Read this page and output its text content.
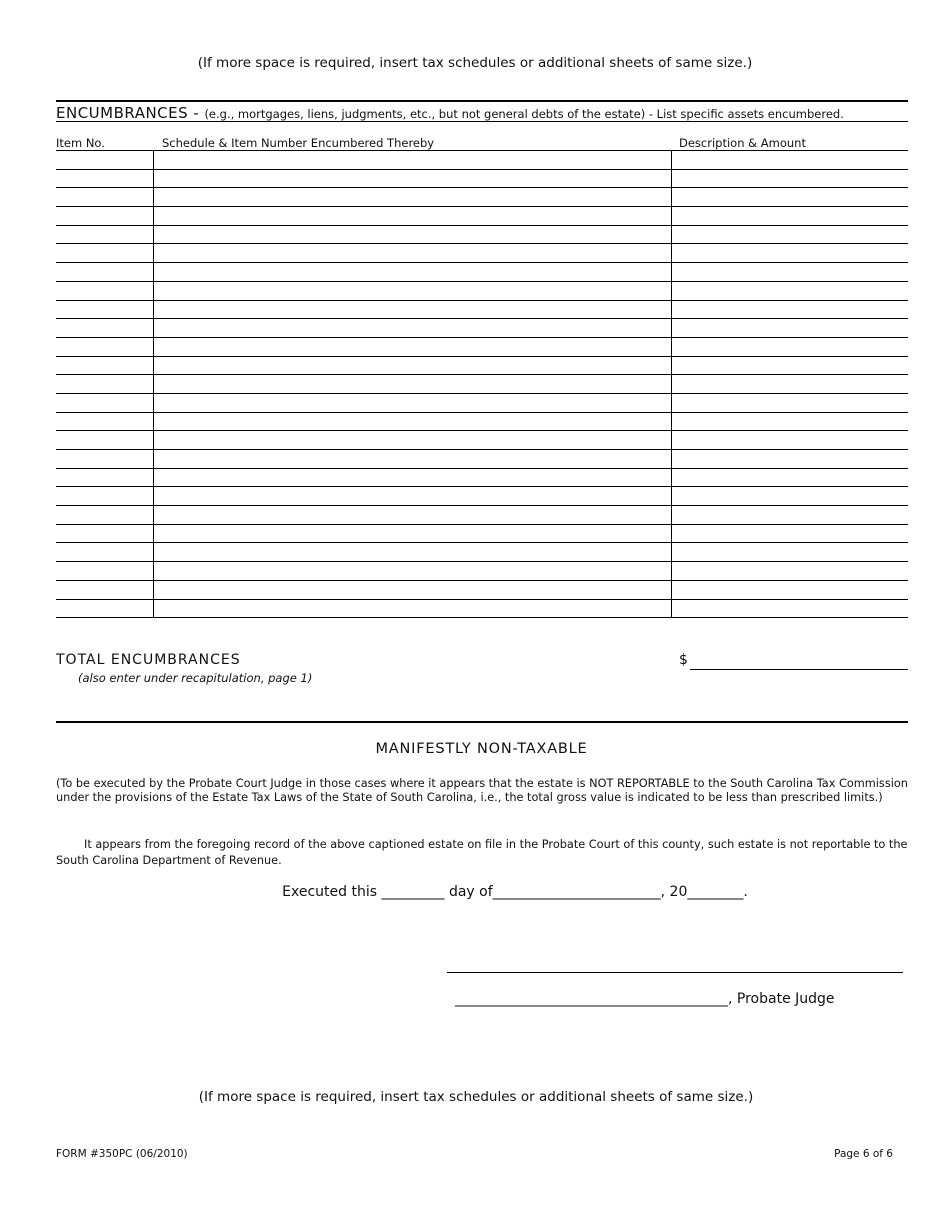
(If more space is required, insert tax schedules or additional sheets of same size.)
ENCUMBRANCES - (e.g., mortgages, liens, judgments, etc., but not general debts of the estate) - List specific assets encumbered.
Item No.	Schedule & Item Number Encumbered Thereby	Description & Amount

TOTAL ENCUMBRANCES
(also enter under recapitulation, page 1)
$
MANIFESTLY NON-TAXABLE
(To be executed by the Probate Court Judge in those cases where it appears that the estate is NOT REPORTABLE to the South Carolina Tax Commission under the provisions of the Estate Tax Laws of the State of South Carolina, i.e., the total gross value is indicated to be less than prescribed limits.)
It appears from the foregoing record of the above captioned estate on file in the Probate Court of this county, such estate is not reportable to the South Carolina Department of Revenue.
Executed this _________ day of________________________, 20________.
_______________________________________, Probate Judge
(If more space is required, insert tax schedules or additional sheets of same size.)
FORM #350PC (06/2010)	Page 6 of 6
